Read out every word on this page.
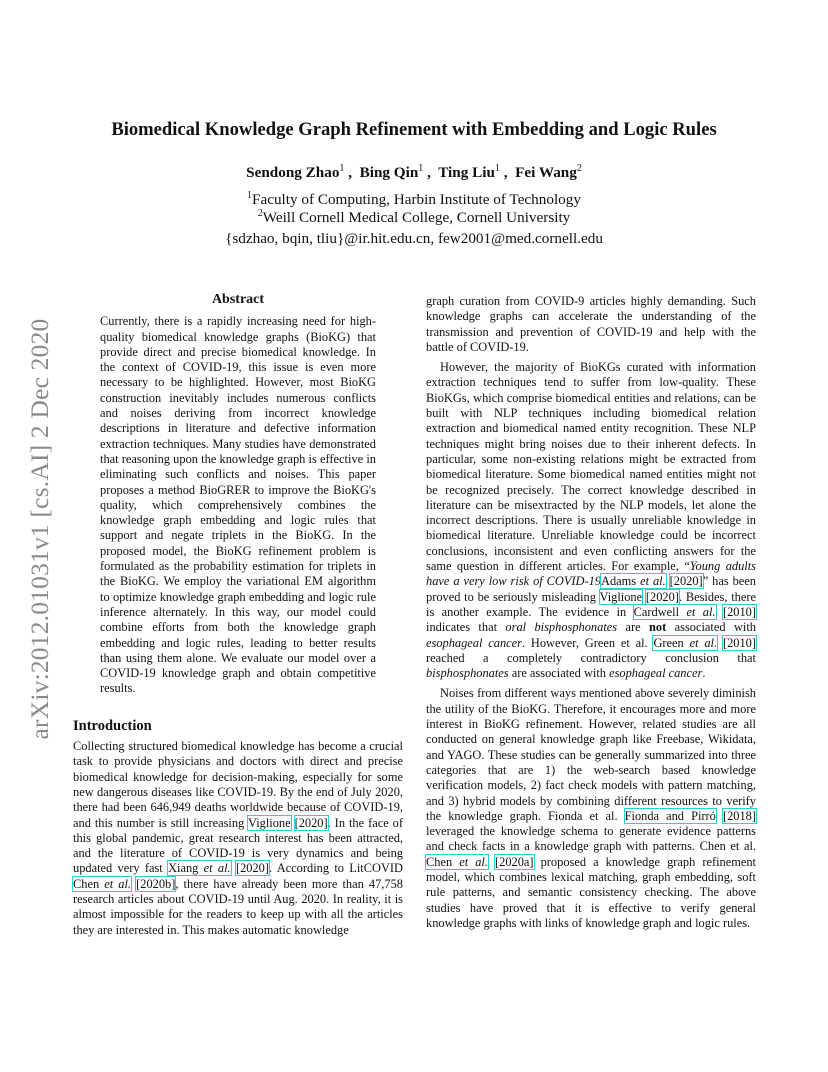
arXiv:2012.01031v1 [cs.AI] 2 Dec 2020
Biomedical Knowledge Graph Refinement with Embedding and Logic Rules
Sendong Zhao$^1$ ,  Bing Qin$^1$ ,  Ting Liu$^1$ ,  Fei Wang$^2$
$^1$Faculty of Computing, Harbin Institute of Technology
$^2$Weill Cornell Medical College, Cornell University
{sdzhao, bqin, tliu}@ir.hit.edu.cn, few2001@med.cornell.edu
Abstract

Currently, there is a rapidly increasing need for high-quality biomedical knowledge graphs (BioKG) that provide direct and precise biomedical knowledge. In the context of COVID-19, this issue is even more necessary to be highlighted. However, most BioKG construction inevitably includes numerous conflicts and noises deriving from incorrect knowledge descriptions in literature and defective information extraction techniques. Many studies have demonstrated that reasoning upon the knowledge graph is effective in eliminating such conflicts and noises. This paper proposes a method BioGRER to improve the BioKG's quality, which comprehensively combines the knowledge graph embedding and logic rules that support and negate triplets in the BioKG. In the proposed model, the BioKG refinement problem is formulated as the probability estimation for triplets in the BioKG. We employ the variational EM algorithm to optimize knowledge graph embedding and logic rule inference alternately. In this way, our model could combine efforts from both the knowledge graph embedding and logic rules, leading to better results than using them alone. We evaluate our model over a COVID-19 knowledge graph and obtain competitive results.

Introduction

Collecting structured biomedical knowledge has become a crucial task to provide physicians and doctors with direct and precise biomedical knowledge for decision-making, especially for some new dangerous diseases like COVID-19. By the end of July 2020, there had been 646,949 deaths worldwide because of COVID-19, and this number is still increasing Viglione [2020]. In the face of this global pandemic, great research interest has been attracted, and the literature of COVID-19 is very dynamics and being updated very fast Xiang et al. [2020]. According to LitCOVID Chen et al. [2020b], there have already been more than 47,758 research articles about COVID-19 until Aug. 2020. In reality, it is almost impossible for the readers to keep up with all the articles they are interested in. This makes automatic knowledge

graph curation from COVID-9 articles highly demanding. Such knowledge graphs can accelerate the understanding of the transmission and prevention of COVID-19 and help with the battle of COVID-19.

However, the majority of BioKGs curated with information extraction techniques tend to suffer from low-quality. These BioKGs, which comprise biomedical entities and relations, can be built with NLP techniques including biomedical relation extraction and biomedical named entity recognition. These NLP techniques might bring noises due to their inherent defects. In particular, some non-existing relations might be extracted from biomedical literature. Some biomedical named entities might not be recognized precisely. The correct knowledge described in literature can be misextracted by the NLP models, let alone the incorrect descriptions. There is usually unreliable knowledge in biomedical literature. Unreliable knowledge could be incorrect conclusions, inconsistent and even conflicting answers for the same question in different articles. For example, “Young adults have a very low risk of COVID-19Adams et al. [2020]” has been proved to be seriously misleading Viglione [2020]. Besides, there is another example. The evidence in Cardwell et al. [2010] indicates that oral bisphosphonates are not associated with esophageal cancer. However, Green et al. Green et al. [2010] reached a completely contradictory conclusion that bisphosphonates are associated with esophageal cancer.

Noises from different ways mentioned above severely diminish the utility of the BioKG. Therefore, it encourages more and more interest in BioKG refinement. However, related studies are all conducted on general knowledge graph like Freebase, Wikidata, and YAGO. These studies can be generally summarized into three categories that are 1) the web-search based knowledge verification models, 2) fact check models with pattern matching, and 3) hybrid models by combining different resources to verify the knowledge graph. Fionda et al. Fionda and Pirró [2018] leveraged the knowledge schema to generate evidence patterns and check facts in a knowledge graph with patterns. Chen et al. Chen et al. [2020a] proposed a knowledge graph refinement model, which combines lexical matching, graph embedding, soft rule patterns, and semantic consistency checking. The above studies have proved that it is effective to verify general knowledge graphs with links of knowledge graph and logic rules.
